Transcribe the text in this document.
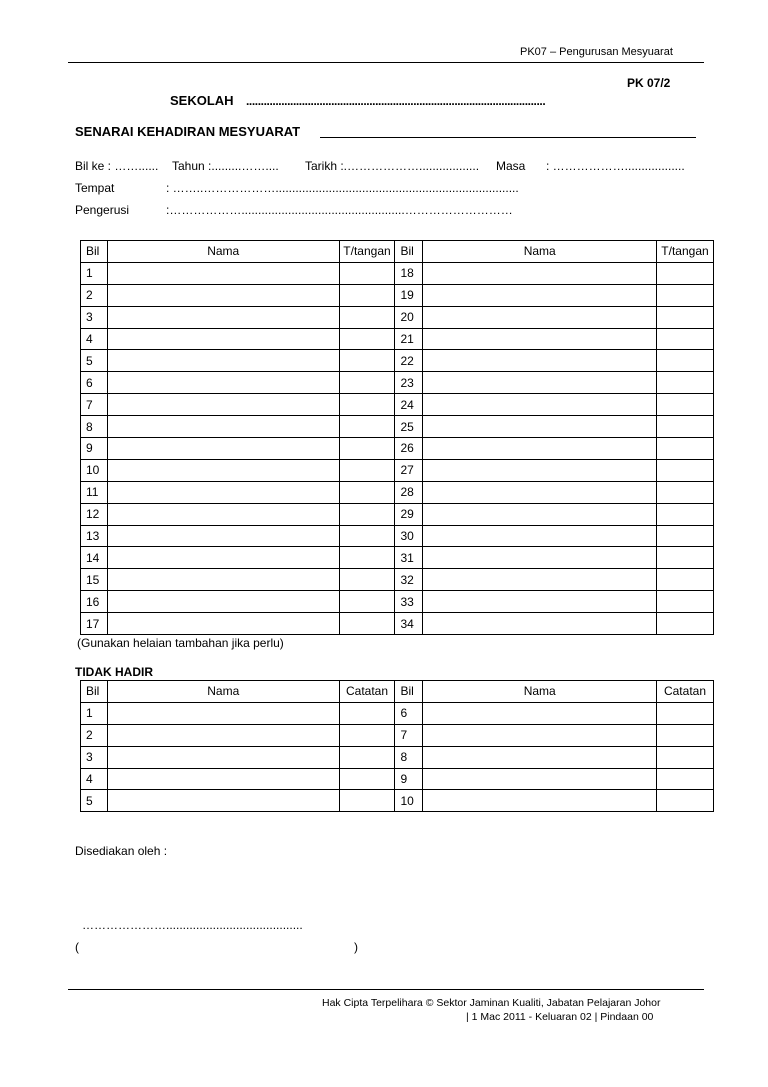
PK07 – Pengurusan Mesyuarat
PK 07/2
SEKOLAH ......................................................................................................
SENARAI KEHADIRAN MESYUARAT
Bil ke : ……...... Tahun :.........…….... Tarikh :.……………….................. Masa : ………………..................
Tempat	: ……..……………….........................................................................
Pengerusi	:……………….................................................………………………
Bil	Nama	T/tangan	Bil	Nama	T/tangan
1			18		
2			19		
3			20		
4			21		
5			22		
6			23		
7			24		
8			25		
9			26		
10			27		
11			28		
12			29		
13			30		
14			31		
15			32		
16			33		
17			34		
(Gunakan helaian tambahan jika perlu)
TIDAK HADIR
Bil	Nama	Catatan	Bil	Nama	Catatan
1			6		
2			7		
3			8		
4			9		
5			10		
Disediakan oleh :
………………….........................................
(	)
Hak Cipta Terpelihara © Sektor Jaminan Kualiti, Jabatan Pelajaran Johor
| 1 Mac 2011 - Keluaran 02 | Pindaan 00
